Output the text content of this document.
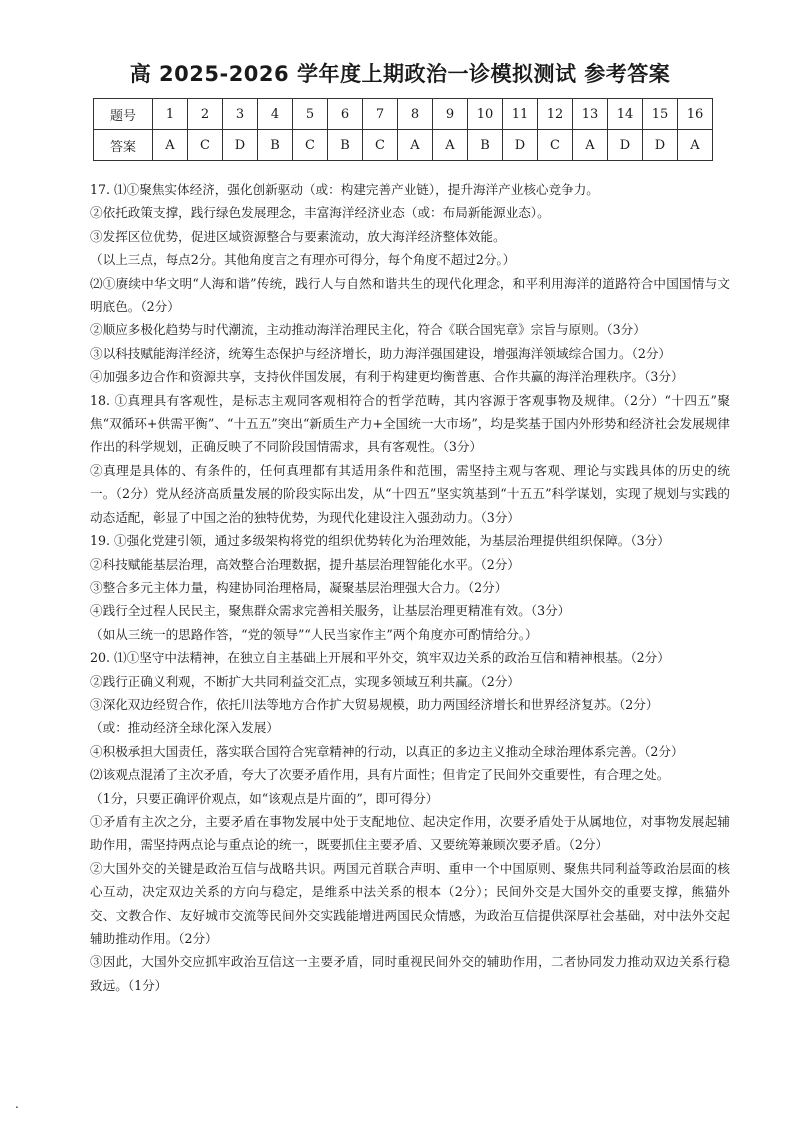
高 2025-2026 学年度上期政治一诊模拟测试 参考答案
题号	1	2	3	4	5	6	7	8	9	10	11	12	13	14	15	16
答案	A	C	D	B	C	B	C	A	A	B	D	C	A	D	D	A

17. ⑴①聚焦实体经济，强化创新驱动（或：构建完善产业链），提升海洋产业核心竞争力。

②依托政策支撑，践行绿色发展理念，丰富海洋经济业态（或：布局新能源业态）。

③发挥区位优势，促进区域资源整合与要素流动，放大海洋经济整体效能。

（以上三点，每点2分。其他角度言之有理亦可得分，每个角度不超过2分。）

⑵①赓续中华文明“人海和谐”传统，践行人与自然和谐共生的现代化理念，和平利用海洋的道路符合中国国情与文明底色。（2分）

②顺应多极化趋势与时代潮流，主动推动海洋治理民主化，符合《联合国宪章》宗旨与原则。（3分）

③以科技赋能海洋经济，统筹生态保护与经济增长，助力海洋强国建设，增强海洋领域综合国力。（2分）

④加强多边合作和资源共享，支持伙伴国发展，有利于构建更均衡普惠、合作共赢的海洋治理秩序。（3分）

18. ①真理具有客观性，是标志主观同客观相符合的哲学范畴，其内容源于客观事物及规律。（2分）“十四五”聚焦“双循环+供需平衡”、“十五五”突出“新质生产力+全国统一大市场”，均是奖基于国内外形势和经济社会发展规律作出的科学规划，正确反映了不同阶段国情需求，具有客观性。（3分）

②真理是具体的、有条件的，任何真理都有其适用条件和范围，需坚持主观与客观、理论与实践具体的历史的统一。（2分）党从经济高质量发展的阶段实际出发，从“十四五”坚实筑基到“十五五”科学谋划，实现了规划与实践的动态适配，彰显了中国之治的独特优势，为现代化建设注入强劲动力。（3分）

19. ①强化党建引领，通过多级架构将党的组织优势转化为治理效能，为基层治理提供组织保障。（3分）

②科技赋能基层治理，高效整合治理数据，提升基层治理智能化水平。（2分）

③整合多元主体力量，构建协同治理格局，凝聚基层治理强大合力。（2分）

④践行全过程人民民主，聚焦群众需求完善相关服务，让基层治理更精准有效。（3分）

（如从三统一的思路作答，“党的领导”“人民当家作主”两个角度亦可酌情给分。）

20. ⑴①坚守中法精神，在独立自主基础上开展和平外交，筑牢双边关系的政治互信和精神根基。（2分）

②践行正确义利观，不断扩大共同利益交汇点，实现多领域互利共赢。（2分）

③深化双边经贸合作，依托川法等地方合作扩大贸易规模，助力两国经济增长和世界经济复苏。（2分）

（或：推动经济全球化深入发展）

④积极承担大国责任，落实联合国符合宪章精神的行动，以真正的多边主义推动全球治理体系完善。（2分）

⑵该观点混淆了主次矛盾，夸大了次要矛盾作用，具有片面性；但肯定了民间外交重要性，有合理之处。

（1分，只要正确评价观点，如“该观点是片面的”，即可得分）

①矛盾有主次之分，主要矛盾在事物发展中处于支配地位、起决定作用，次要矛盾处于从属地位，对事物发展起辅助作用，需坚持两点论与重点论的统一，既要抓住主要矛盾、又要统筹兼顾次要矛盾。（2分）

②大国外交的关键是政治互信与战略共识。两国元首联合声明、重申一个中国原则、聚焦共同利益等政治层面的核心互动，决定双边关系的方向与稳定，是维系中法关系的根本（2分）；民间外交是大国外交的重要支撑，熊猫外交、文教合作、友好城市交流等民间外交实践能增进两国民众情感，为政治互信提供深厚社会基础，对中法外交起辅助推动作用。（2分）

③因此，大国外交应抓牢政治互信这一主要矛盾，同时重视民间外交的辅助作用，二者协同发力推动双边关系行稳致远。（1分）

.
